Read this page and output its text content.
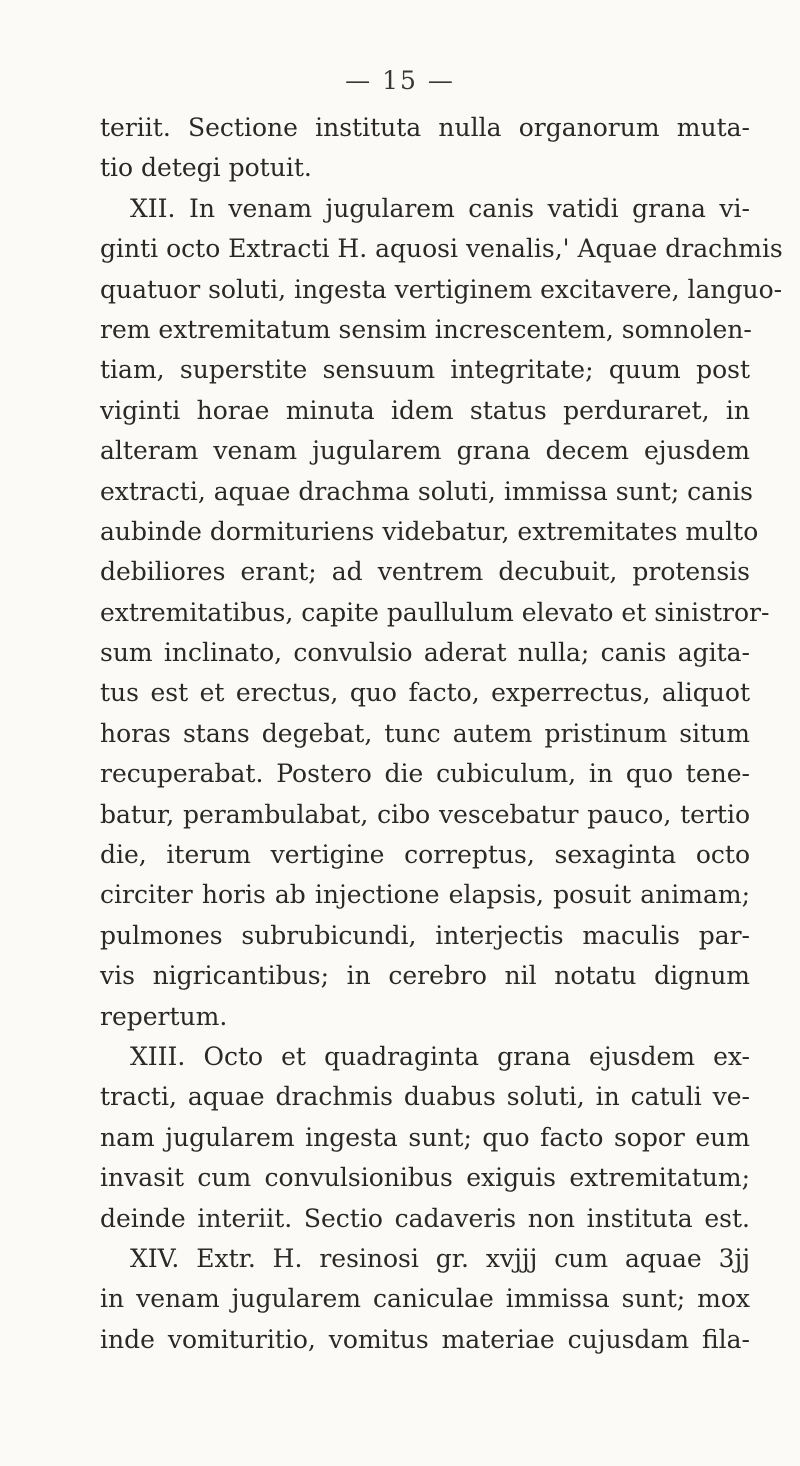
— 15 —
teriit. Sectione instituta nulla organorum muta-
tio detegi potuit.
XII. In venam jugularem canis vatidi grana vi-
ginti octo Extracti H. aquosi venalis,' Aquae drachmis
quatuor soluti, ingesta vertiginem excitavere, languo-
rem extremitatum sensim increscentem, somnolen-
tiam, superstite sensuum integritate; quum post
viginti horae minuta idem status perduraret, in
alteram venam jugularem grana decem ejusdem
extracti, aquae drachma soluti, immissa sunt; canis
aubinde dormituriens videbatur, extremitates multo
debiliores erant; ad ventrem decubuit, protensis
extremitatibus, capite paullulum elevato et sinistror-
sum inclinato, convulsio aderat nulla; canis agita-
tus est et erectus, quo facto, experrectus, aliquot
horas stans degebat, tunc autem pristinum situm
recuperabat. Postero die cubiculum, in quo tene-
batur, perambulabat, cibo vescebatur pauco, tertio
die, iterum vertigine correptus, sexaginta octo
circiter horis ab injectione elapsis, posuit animam;
pulmones subrubicundi, interjectis maculis par-
vis nigricantibus; in cerebro nil notatu dignum
repertum.
XIII. Octo et quadraginta grana ejusdem ex-
tracti, aquae drachmis duabus soluti, in catuli ve-
nam jugularem ingesta sunt; quo facto sopor eum
invasit cum convulsionibus exiguis extremitatum;
deinde interiit. Sectio cadaveris non instituta est.
XIV. Extr. H. resinosi gr. xvjjj cum aquae 3jj
in venam jugularem caniculae immissa sunt; mox
inde vomituritio, vomitus materiae cujusdam fila-
